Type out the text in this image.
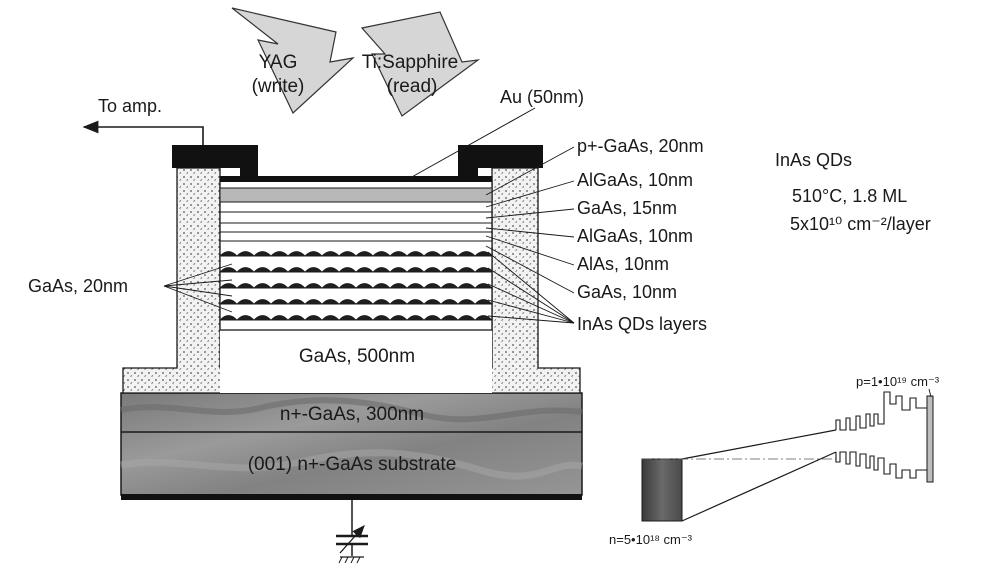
YAG
(write)
Ti:Sapphire
(read)
To amp.
n+-GaAs, 300nm
(001) n+-GaAs substrate
GaAs, 500nm
Au (50nm)
GaAs, 20nm
p+-GaAs, 20nm
AlGaAs, 10nm
GaAs, 15nm
AlGaAs, 10nm
AlAs, 10nm
GaAs, 10nm
InAs QDs layers
InAs QDs
510°C, 1.8 ML
5x10¹⁰ cm⁻²/layer
p=1•10¹⁹ cm⁻³
n=5•10¹⁸ cm⁻³
